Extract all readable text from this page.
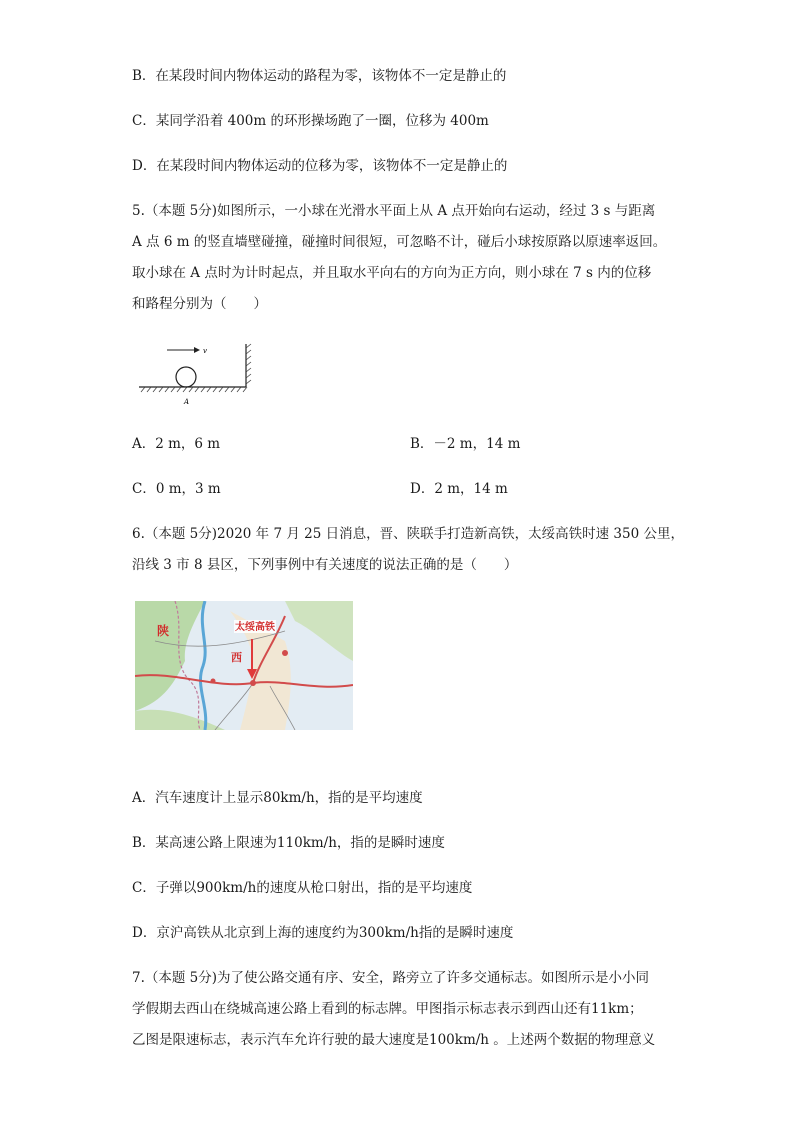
B．在某段时间内物体运动的路程为零，该物体不一定是静止的
C．某同学沿着 400m 的环形操场跑了一圈，位移为 400m
D．在某段时间内物体运动的位移为零，该物体不一定是静止的
5.（本题 5分)如图所示，一小球在光滑水平面上从 A 点开始向右运动，经过 3 s 与距离
A 点 6 m 的竖直墙壁碰撞，碰撞时间很短，可忽略不计，碰后小球按原路以原速率返回。
取小球在 A 点时为计时起点，并且取水平向右的方向为正方向，则小球在 7 s 内的位移
和路程分别为（　　）
v
A
A．2 m，6 m	B．－2 m，14 m
C．0 m，3 m	D．2 m，14 m
6.（本题 5分)2020 年 7 月 25 日消息，晋、陕联手打造新高铁，太绥高铁时速 350 公里，
沿线 3 市 8 县区，下列事例中有关速度的说法正确的是（　　）
太绥高铁
陕
西
A．汽车速度计上显示80km/h，指的是平均速度
B．某高速公路上限速为110km/h，指的是瞬时速度
C．子弹以900km/h的速度从枪口射出，指的是平均速度
D．京沪高铁从北京到上海的速度约为300km/h指的是瞬时速度
7.（本题 5分)为了使公路交通有序、安全，路旁立了许多交通标志。如图所示是小小同
学假期去西山在绕城高速公路上看到的标志牌。甲图指示标志表示到西山还有11km；
乙图是限速标志，表示汽车允许行驶的最大速度是100km/h 。上述两个数据的物理意义
